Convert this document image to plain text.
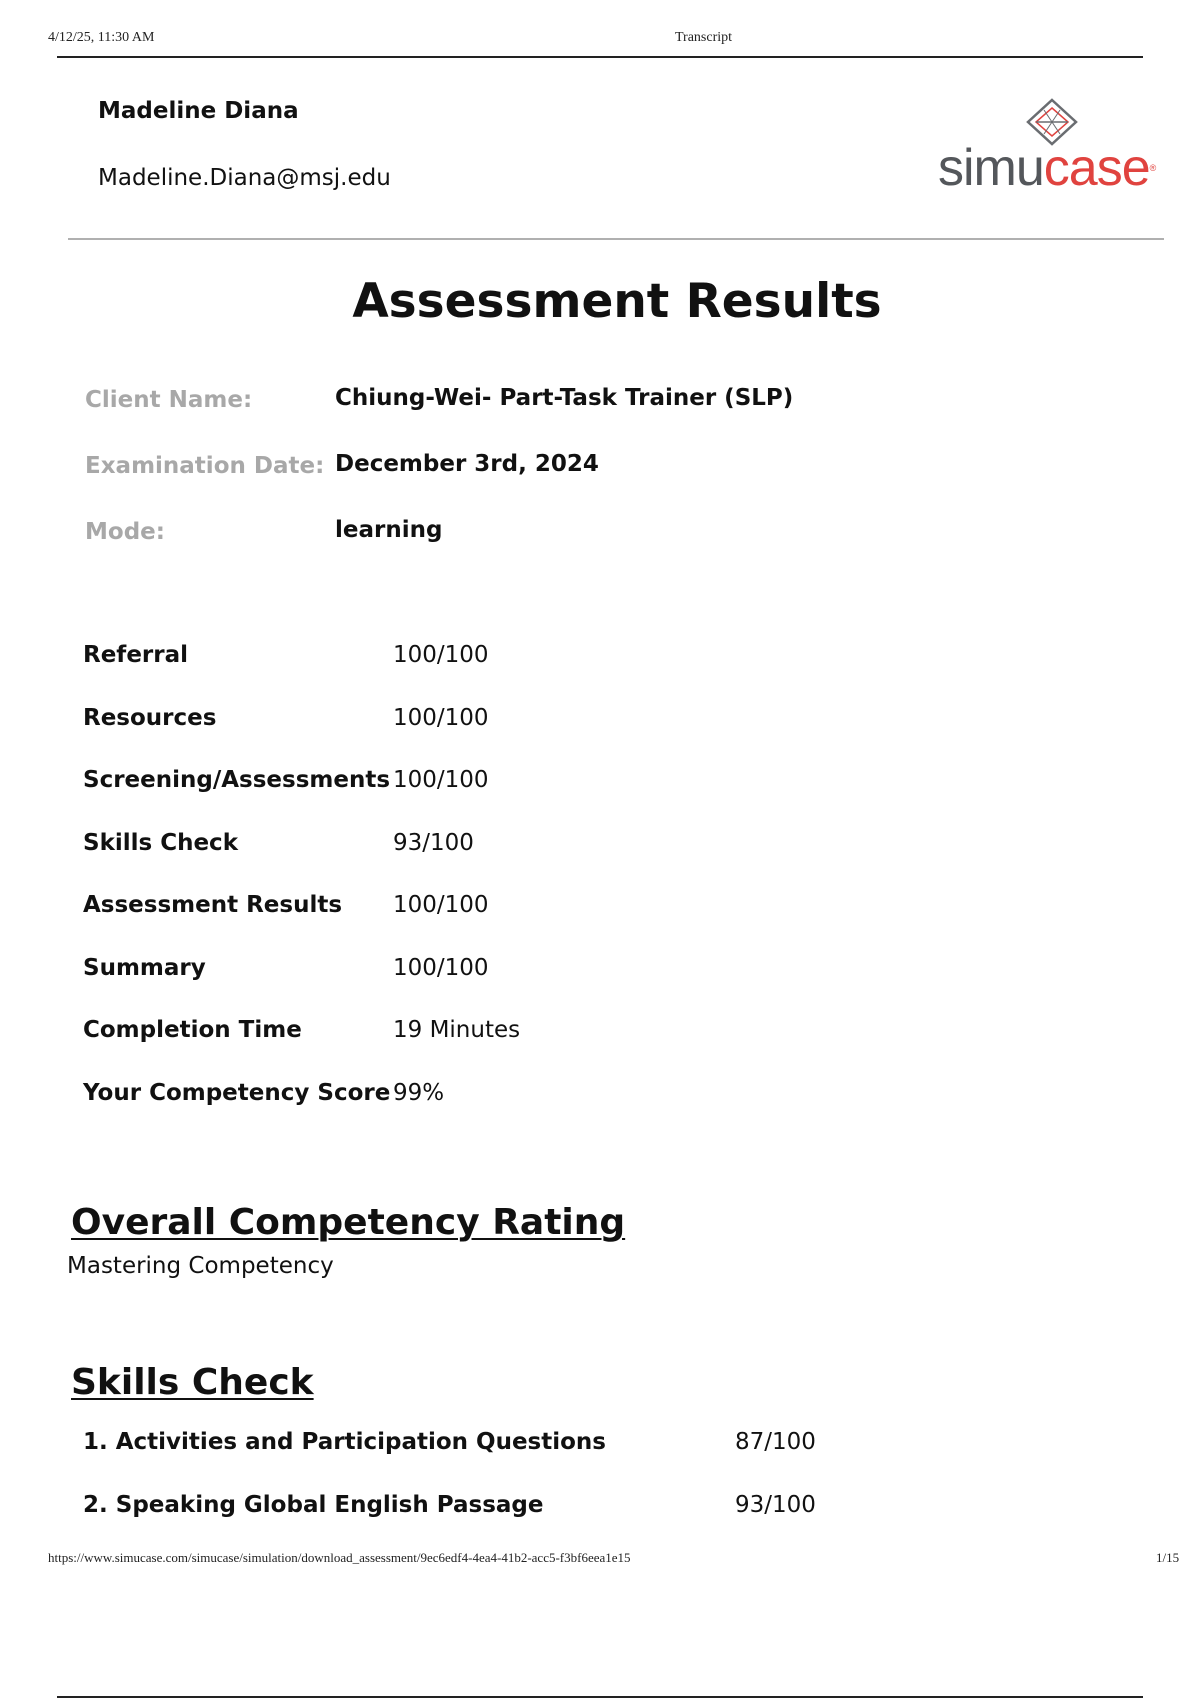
4/12/25, 11:30 AM	Transcript
Madeline Diana
Madeline.Diana@msj.edu	simucase®
Assessment Results
Client Name:	Chiung-Wei- Part-Task Trainer (SLP)
Examination Date: December 3rd, 2024
Mode:	learning
Referral	100/100
Resources	100/100
Screening/Assessments 100/100
Skills Check	93/100
Assessment Results 100/100
Summary	100/100
Completion Time	19 Minutes
Your Competency Score 99%
Overall Competency Rating
Mastering Competency
Skills Check
1. Activities and Participation Questions	87/100
2. Speaking Global English Passage	93/100
https://www.simucase.com/simucase/simulation/download_assessment/9ec6edf4-4ea4-41b2-acc5-f3bf6eea1e15	1/15
